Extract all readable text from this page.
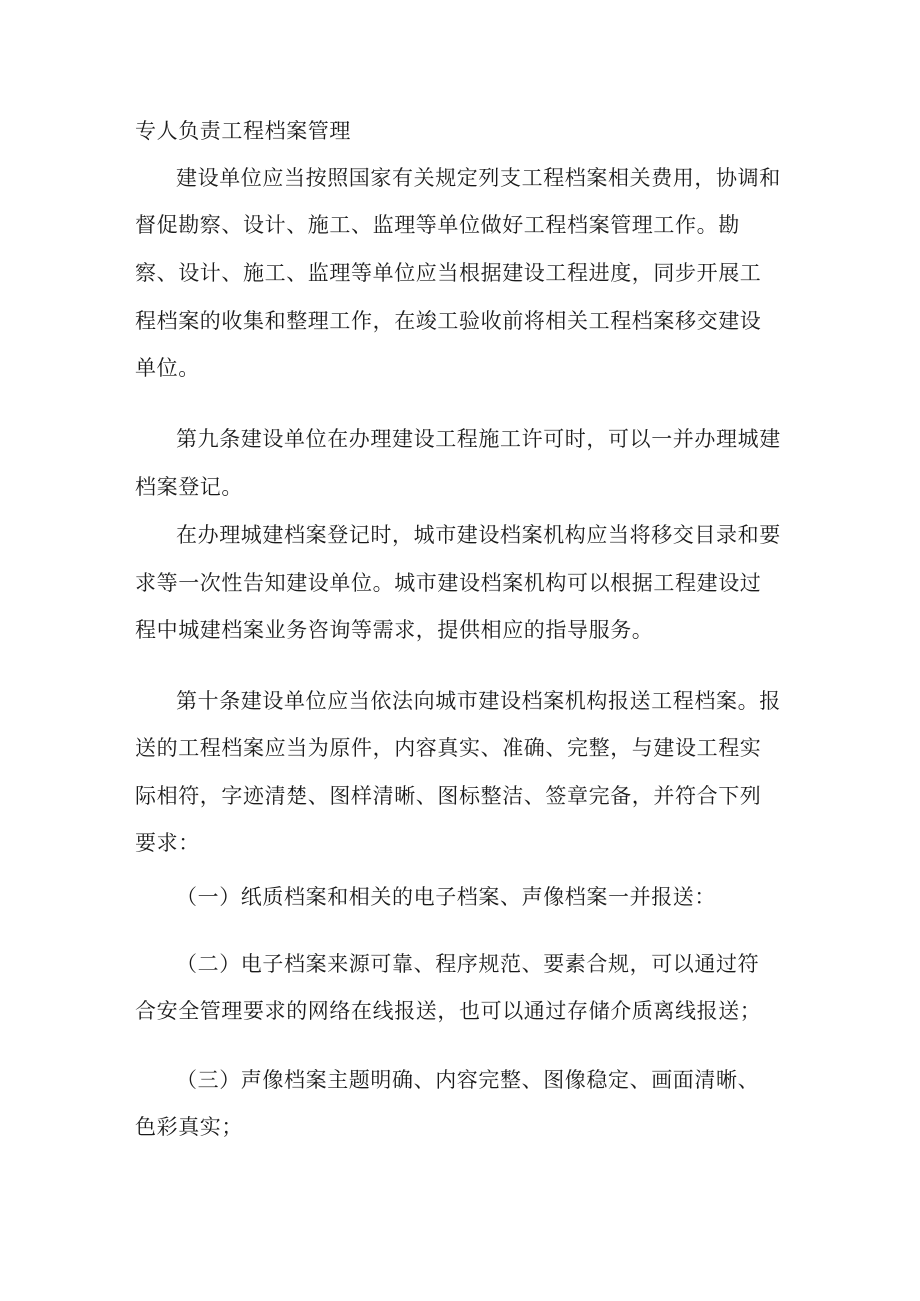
专人负责工程档案管理
建设单位应当按照国家有关规定列支工程档案相关费用，协调和
督促勘察、设计、施工、监理等单位做好工程档案管理工作。勘
察、设计、施工、监理等单位应当根据建设工程进度，同步开展工
程档案的收集和整理工作，在竣工验收前将相关工程档案移交建设
单位。
第九条建设单位在办理建设工程施工许可时，可以一并办理城建
档案登记。
在办理城建档案登记时，城市建设档案机构应当将移交目录和要
求等一次性告知建设单位。城市建设档案机构可以根据工程建设过
程中城建档案业务咨询等需求，提供相应的指导服务。
第十条建设单位应当依法向城市建设档案机构报送工程档案。报
送的工程档案应当为原件，内容真实、准确、完整，与建设工程实
际相符，字迹清楚、图样清晰、图标整洁、签章完备，并符合下列
要求：
（一）纸质档案和相关的电子档案、声像档案一并报送：
（二）电子档案来源可靠、程序规范、要素合规，可以通过符
合安全管理要求的网络在线报送，也可以通过存储介质离线报送；
（三）声像档案主题明确、内容完整、图像稳定、画面清晰、
色彩真实；
